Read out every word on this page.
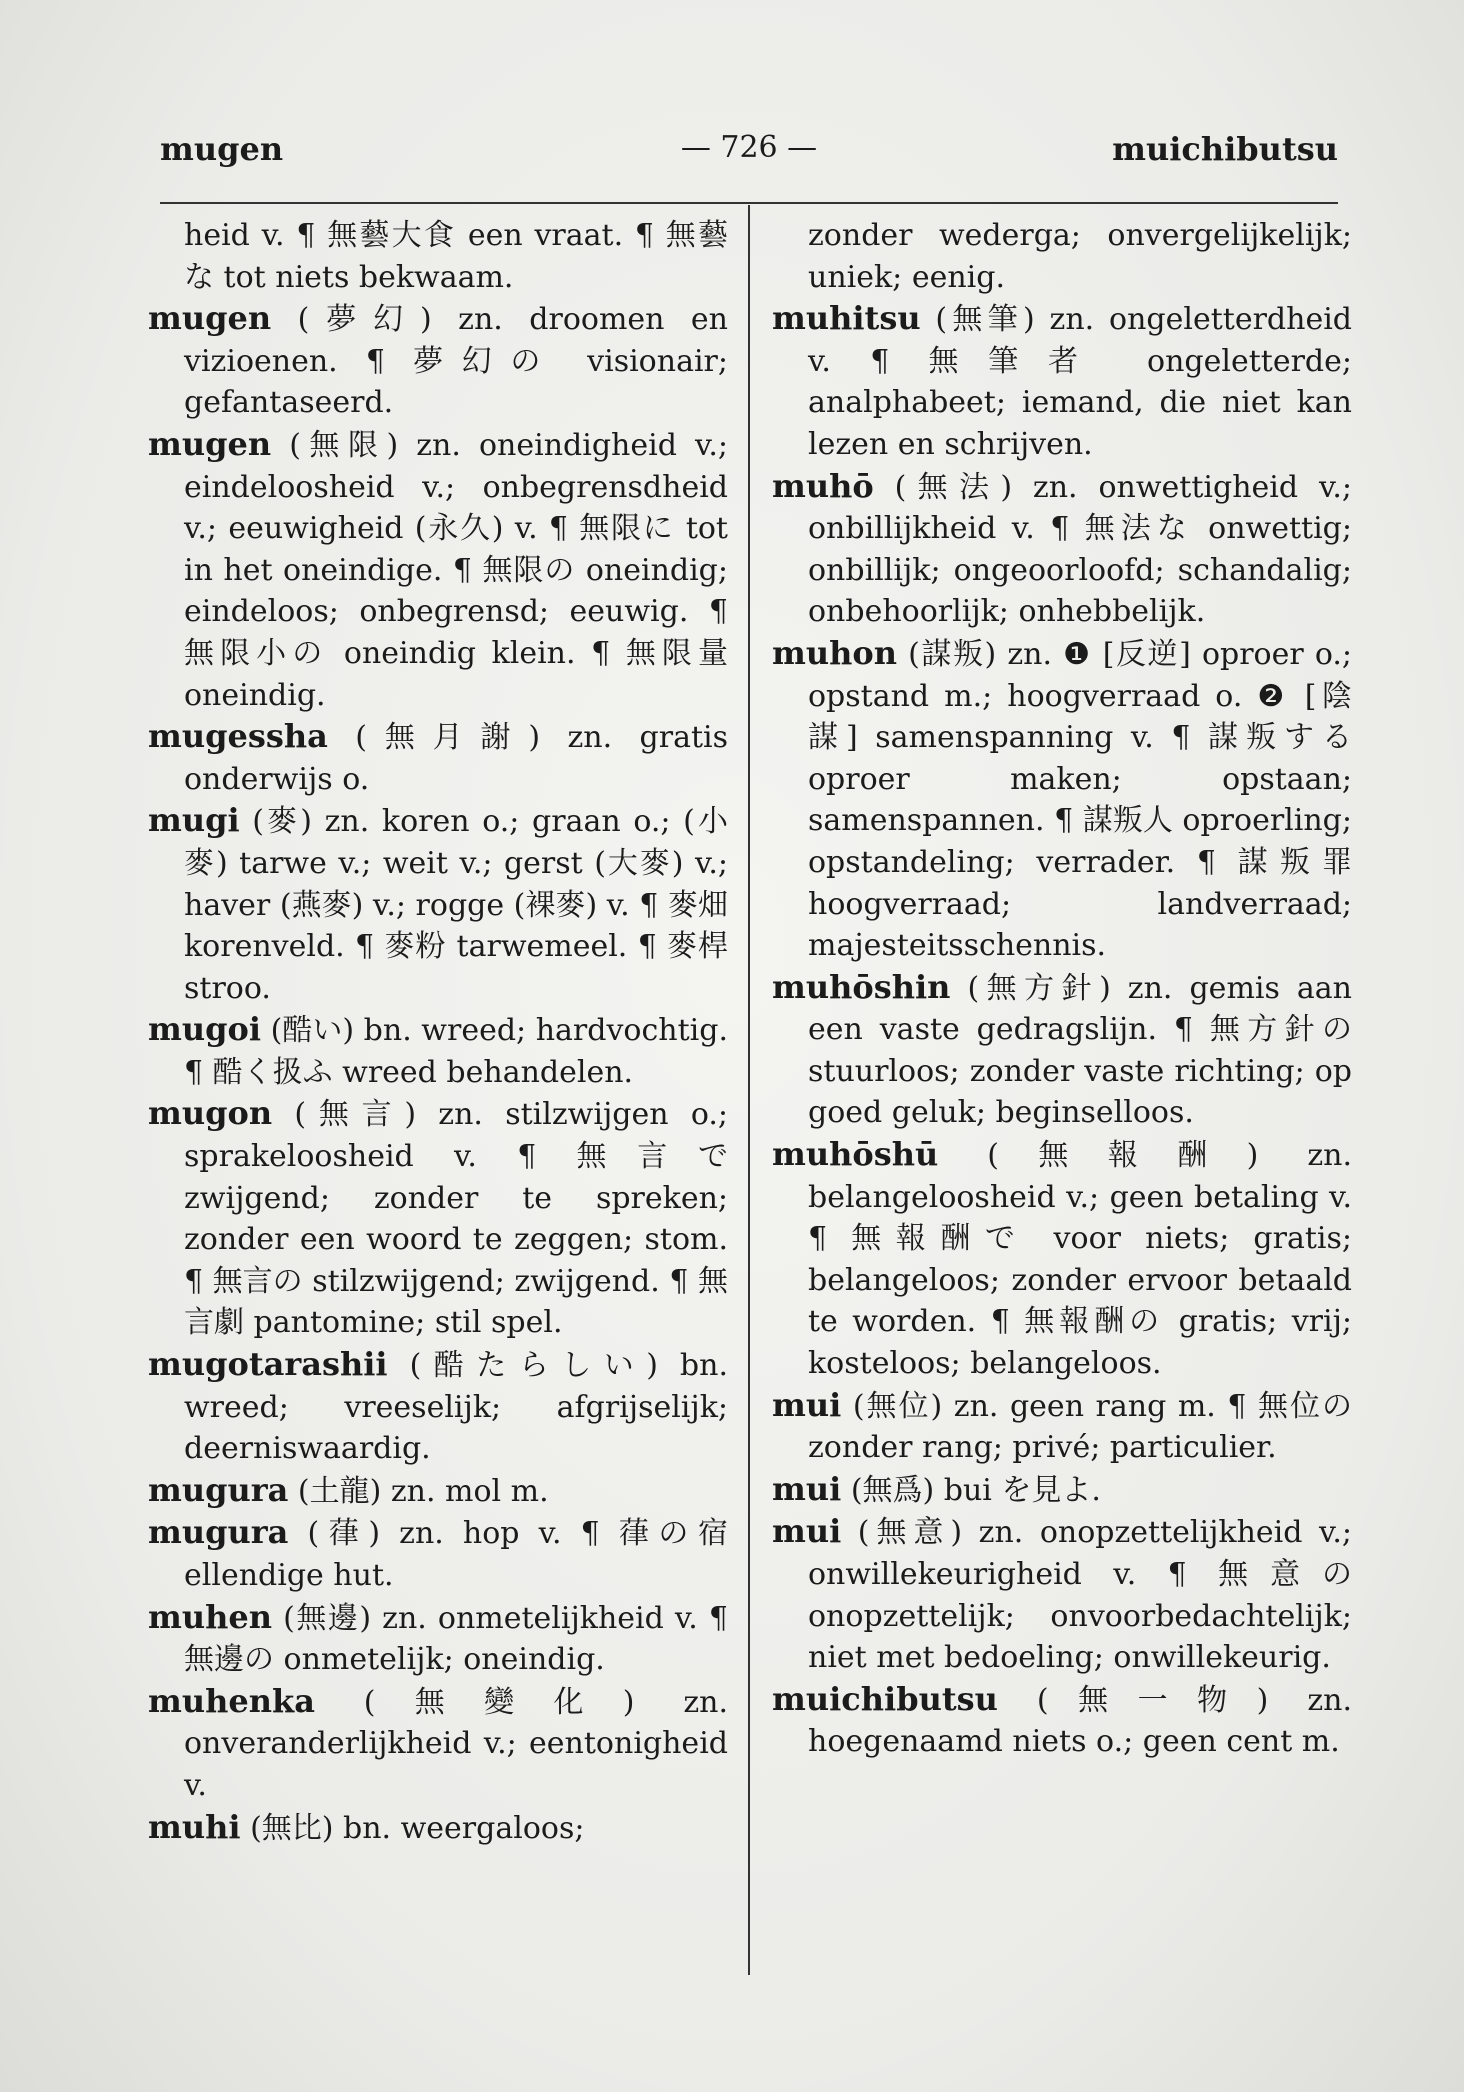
mugen	— 726 —	muichibutsu

heid v. ¶ 無藝大食 een vraat. ¶ 無藝な tot niets bekwaam.

mugen (夢幻) zn. droomen en vizioenen. ¶ 夢幻の visionair; gefantaseerd.

mugen (無限) zn. oneindigheid v.; eindeloosheid v.; onbegrensdheid v.; eeuwigheid (永久) v. ¶ 無限に tot in het oneindige. ¶ 無限の oneindig; eindeloos; onbegrensd; eeuwig. ¶ 無限小の oneindig klein. ¶ 無限量 oneindig.

mugessha (無月謝) zn. gratis onderwijs o.

mugi (麥) zn. koren o.; graan o.; (小麥) tarwe v.; weit v.; gerst (大麥) v.; haver (燕麥) v.; rogge (裸麥) v. ¶ 麥畑 korenveld. ¶ 麥粉 tarwemeel. ¶ 麥桿 stroo.

mugoi (酷い) bn. wreed; hardvochtig. ¶ 酷く扱ふ wreed behandelen.

mugon (無言) zn. stilzwijgen o.; sprakeloosheid v. ¶ 無言で zwijgend; zonder te spreken; zonder een woord te zeggen; stom. ¶ 無言の stilzwijgend; zwijgend. ¶ 無言劇 pantomine; stil spel.

mugotarashii (酷たらしい) bn. wreed; vreeselijk; afgrijselijk; deerniswaardig.

mugura (土龍) zn. mol m.

mugura (葎) zn. hop v. ¶ 葎の宿 ellendige hut.

muhen (無邊) zn. onmetelijkheid v. ¶ 無邊の onmetelijk; oneindig.

muhenka (無變化) zn. onveranderlijkheid v.; eentonigheid v.

muhi (無比) bn. weergaloos;

zonder wederga; onvergelijkelijk; uniek; eenig.

muhitsu (無筆) zn. ongeletterdheid v. ¶ 無筆者 ongeletterde; analphabeet; iemand, die niet kan lezen en schrijven.

muhō (無法) zn. onwettigheid v.; onbillijkheid v. ¶ 無法な onwettig; onbillijk; ongeoorloofd; schandalig; onbehoorlijk; onhebbelijk.

muhon (謀叛) zn. ❶ [反逆] oproer o.; opstand m.; hoogverraad o. ❷ [陰謀] samenspanning v. ¶ 謀叛する oproer maken; opstaan; samenspannen. ¶ 謀叛人 oproerling; opstandeling; verrader. ¶ 謀叛罪 hoogverraad; landverraad; majesteitsschennis.

muhōshin (無方針) zn. gemis aan een vaste gedragslijn. ¶ 無方針の stuurloos; zonder vaste richting; op goed geluk; beginselloos.

muhōshū (無報酬) zn. belangeloosheid v.; geen betaling v. ¶ 無報酬で voor niets; gratis; belangeloos; zonder ervoor betaald te worden. ¶ 無報酬の gratis; vrij; kosteloos; belangeloos.

mui (無位) zn. geen rang m. ¶ 無位の zonder rang; privé; particulier.

mui (無爲) bui を見よ.

mui (無意) zn. onopzettelijkheid v.; onwillekeurigheid v. ¶ 無意の onopzettelijk; onvoorbedachtelijk; niet met bedoeling; onwillekeurig.

muichibutsu (無一物) zn. hoegenaamd niets o.; geen cent m.
